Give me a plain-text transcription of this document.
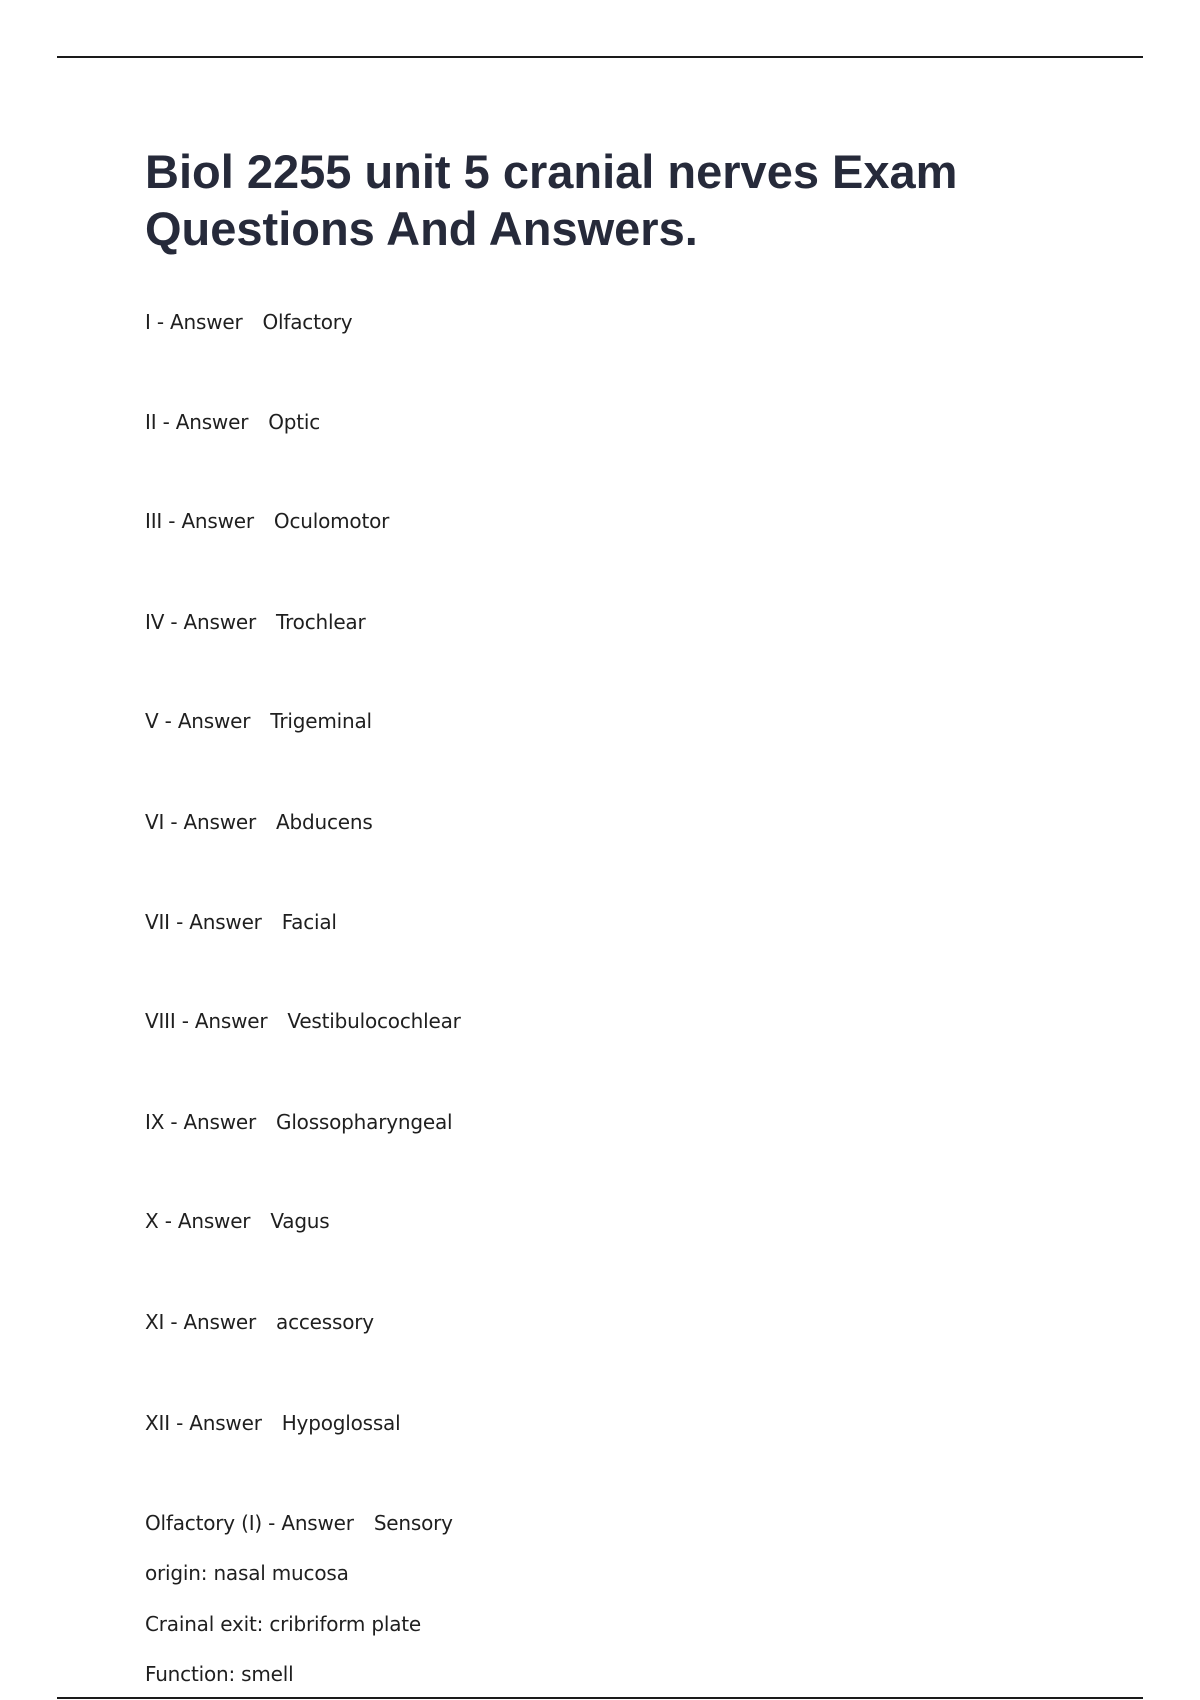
Biol 2255 unit 5 cranial nerves Exam Questions And Answers.
I - Answer Olfactory
II - Answer Optic
III - Answer Oculomotor
IV - Answer Trochlear
V - Answer Trigeminal
VI - Answer Abducens
VII - Answer Facial
VIII - Answer Vestibulocochlear
IX - Answer Glossopharyngeal
X - Answer Vagus
XI - Answer accessory
XII - Answer Hypoglossal
Olfactory (I) - Answer Sensory
origin: nasal mucosa
Crainal exit: cribriform plate
Function: smell
